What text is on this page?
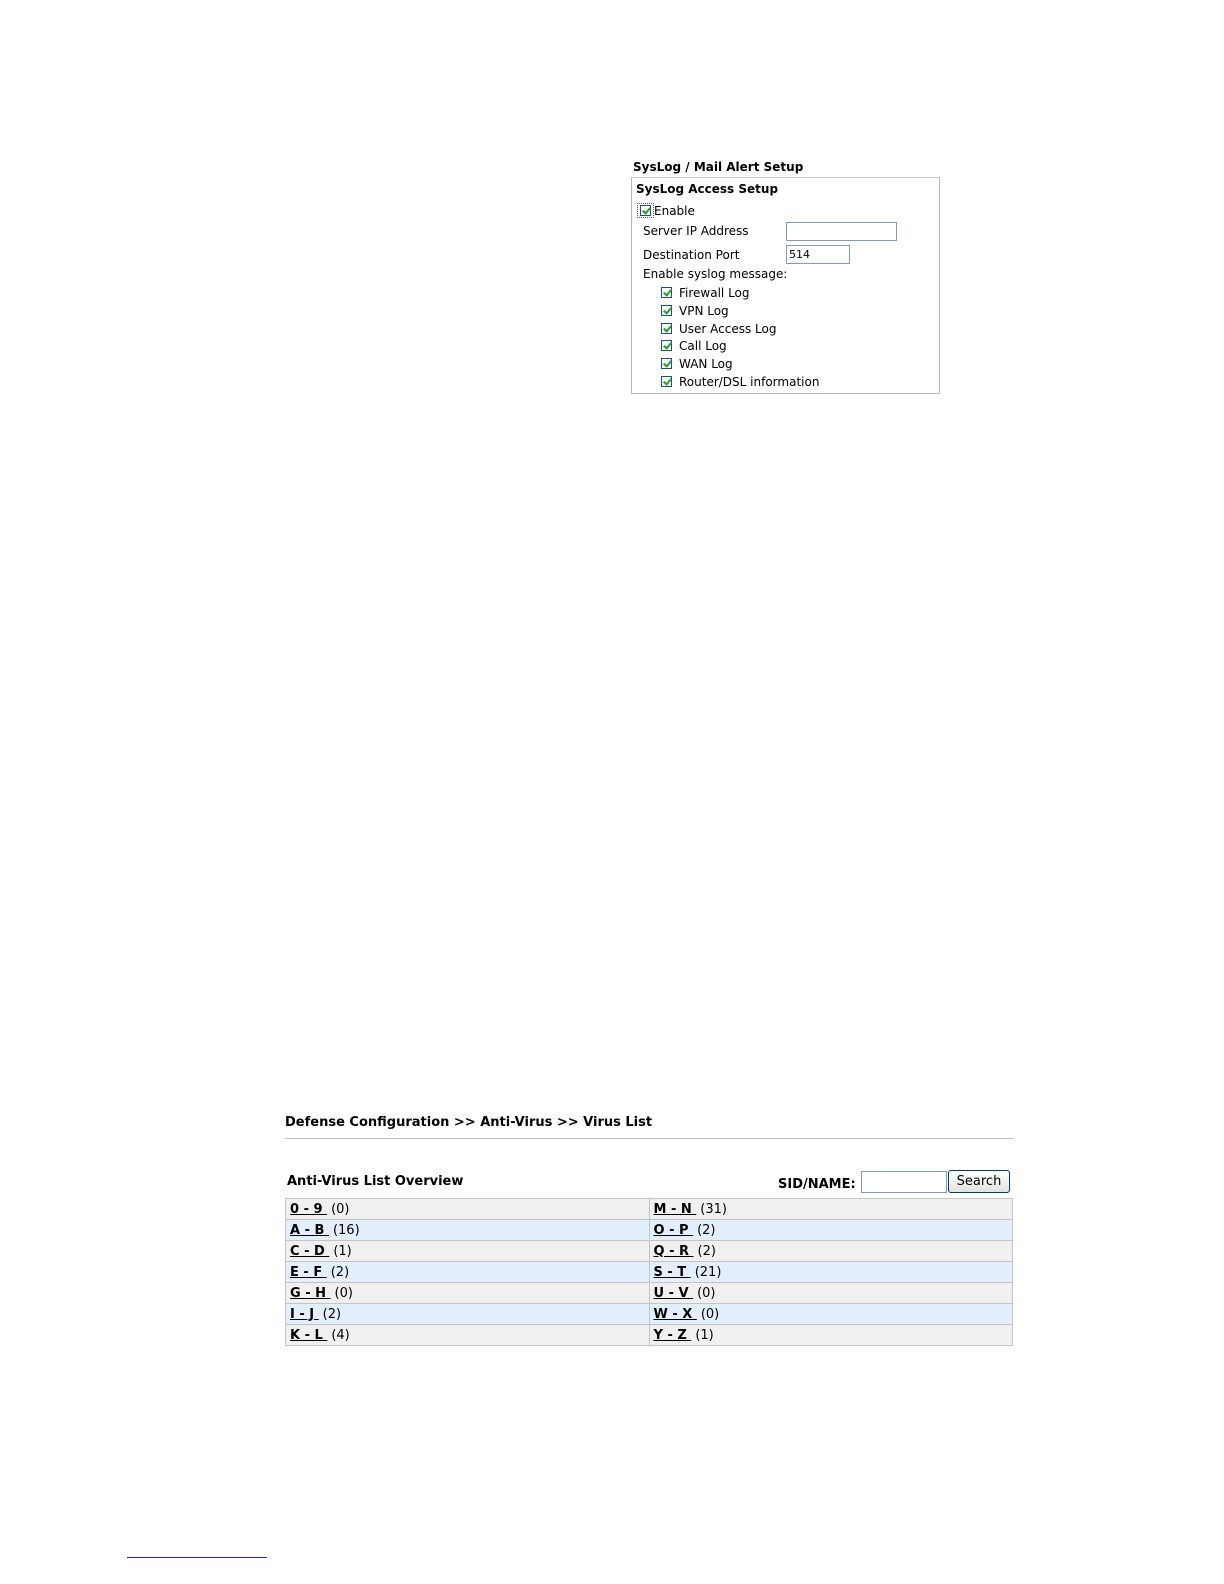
SysLog / Mail Alert Setup
SysLog Access Setup
Enable
Server IP Address
Destination Port	514
Enable syslog message:
Firewall Log
VPN Log
User Access Log
Call Log
WAN Log
Router/DSL information
Defense Configuration >> Anti-Virus >> Virus List
Anti-Virus List Overview	SID/NAME:	Search
0 - 9 (0)	M - N (31)
A - B (16)	O - P (2)
C - D (1)	Q - R (2)
E - F (2)	S - T (21)
G - H (0)	U - V (0)
I - J (2)	W - X (0)
K - L (4)	Y - Z (1)
